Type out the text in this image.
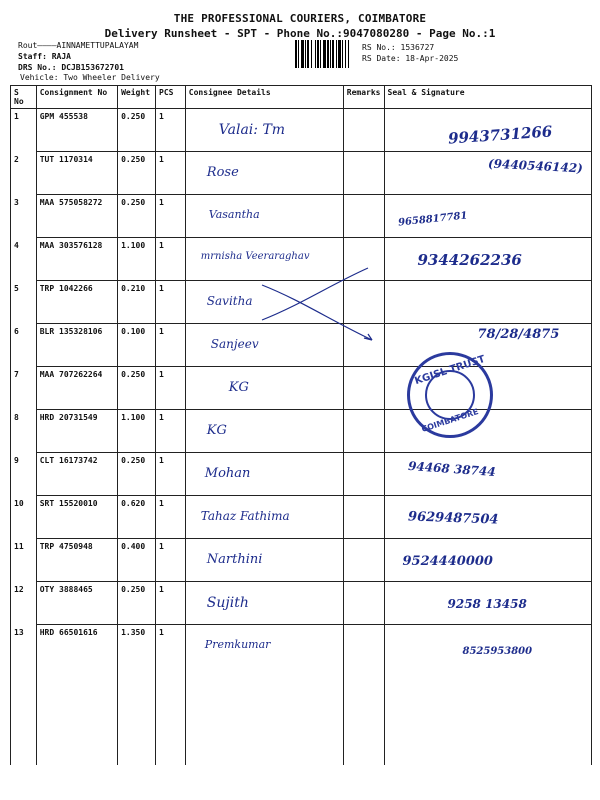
THE PROFESSIONAL COURIERS, COIMBATORE
Delivery Runsheet - SPT - Phone No.:9047080280 - Page No.:1
Rout————AINNAMETTUPALAYAM
Staff: RAJA
DRS No.: DCJB153672701
RS No.: 1536727
RS Date: 18-Apr-2025
Vehicle: Two Wheeler Delivery
S No	Consignment No	Weight	PCS	Consignee Details	Remarks	Seal & Signature
1	GPM 455538	0.250	1	Valai: Tm		9943731266

2	TUT 1170314	0.250	1	Rose		(9440546142)

3	MAA 575058272	0.250	1	Vasantha		9658817781

4	MAA 303576128	1.100	1	mrnisha Veeraraghav		9344262236

5	TRP 1042266	0.210	1	Savitha		

6	BLR 135328106	0.100	1	Sanjeev		78/28/4875

7	MAA 707262264	0.250	1	KG		

8	HRD 20731549	1.100	1	KG		

9	CLT 16173742	0.250	1	Mohan		94468 38744

10	SRT 15520010	0.620	1	Tahaz Fathima		9629487504

11	TRP 4750948	0.400	1	Narthini		9524440000

12	OTY 3888465	0.250	1	Sujith		9258 13458

13	HRD 66501616	1.350	1	Premkumar		8525953800
KGISL TRUST
COIMBATORE
